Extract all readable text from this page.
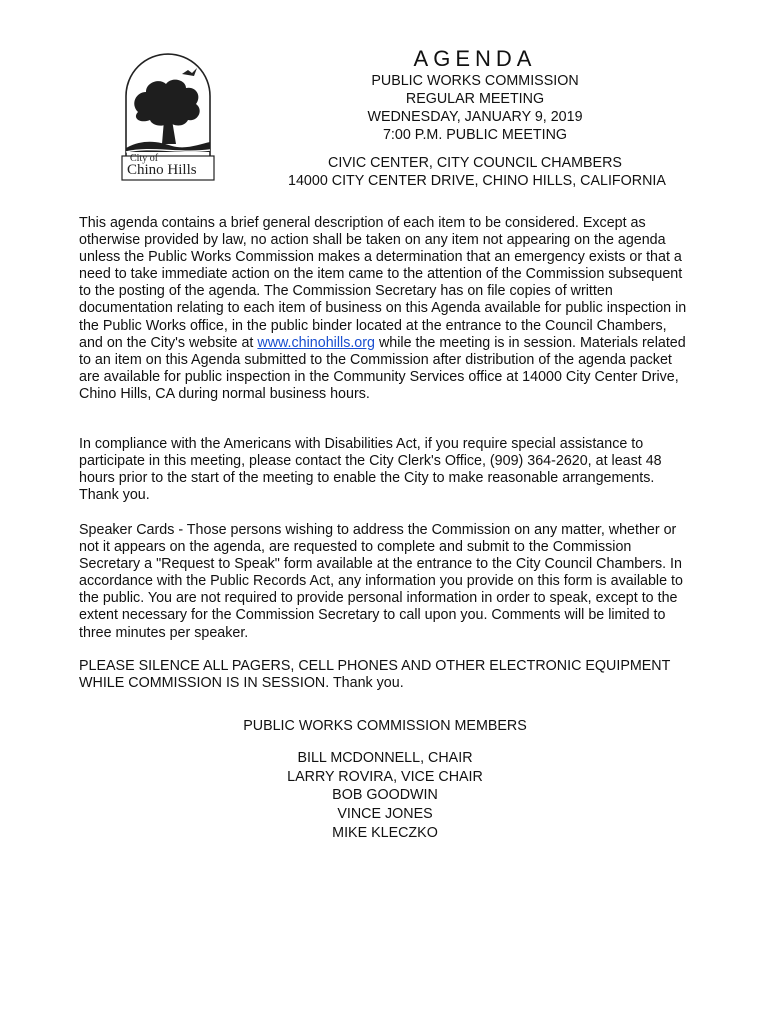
City of
Chino Hills
AGENDA
PUBLIC WORKS COMMISSION
REGULAR MEETING
WEDNESDAY, JANUARY 9, 2019
7:00 P.M. PUBLIC MEETING
CIVIC CENTER, CITY COUNCIL CHAMBERS
14000 CITY CENTER DRIVE, CHINO HILLS, CALIFORNIA

This agenda contains a brief general description of each item to be considered. Except as otherwise provided by law, no action shall be taken on any item not appearing on the agenda unless the Public Works Commission makes a determination that an emergency exists or that a need to take immediate action on the item came to the attention of the Commission subsequent to the posting of the agenda. The Commission Secretary has on file copies of written documentation relating to each item of business on this Agenda available for public inspection in the Public Works office, in the public binder located at the entrance to the Council Chambers, and on the City's website at www.chinohills.org while the meeting is in session. Materials related to an item on this Agenda submitted to the Commission after distribution of the agenda packet are available for public inspection in the Community Services office at 14000 City Center Drive, Chino Hills, CA during normal business hours.

In compliance with the Americans with Disabilities Act, if you require special assistance to participate in this meeting, please contact the City Clerk's Office, (909) 364-2620, at least 48 hours prior to the start of the meeting to enable the City to make reasonable arrangements. Thank you.

Speaker Cards - Those persons wishing to address the Commission on any matter, whether or not it appears on the agenda, are requested to complete and submit to the Commission Secretary a "Request to Speak" form available at the entrance to the City Council Chambers. In accordance with the Public Records Act, any information you provide on this form is available to the public. You are not required to provide personal information in order to speak, except to the extent necessary for the Commission Secretary to call upon you. Comments will be limited to three minutes per speaker.

PLEASE SILENCE ALL PAGERS, CELL PHONES AND OTHER ELECTRONIC EQUIPMENT WHILE COMMISSION IS IN SESSION. Thank you.

PUBLIC WORKS COMMISSION MEMBERS
BILL MCDONNELL, CHAIR
LARRY ROVIRA, VICE CHAIR
BOB GOODWIN
VINCE JONES
MIKE KLECZKO
